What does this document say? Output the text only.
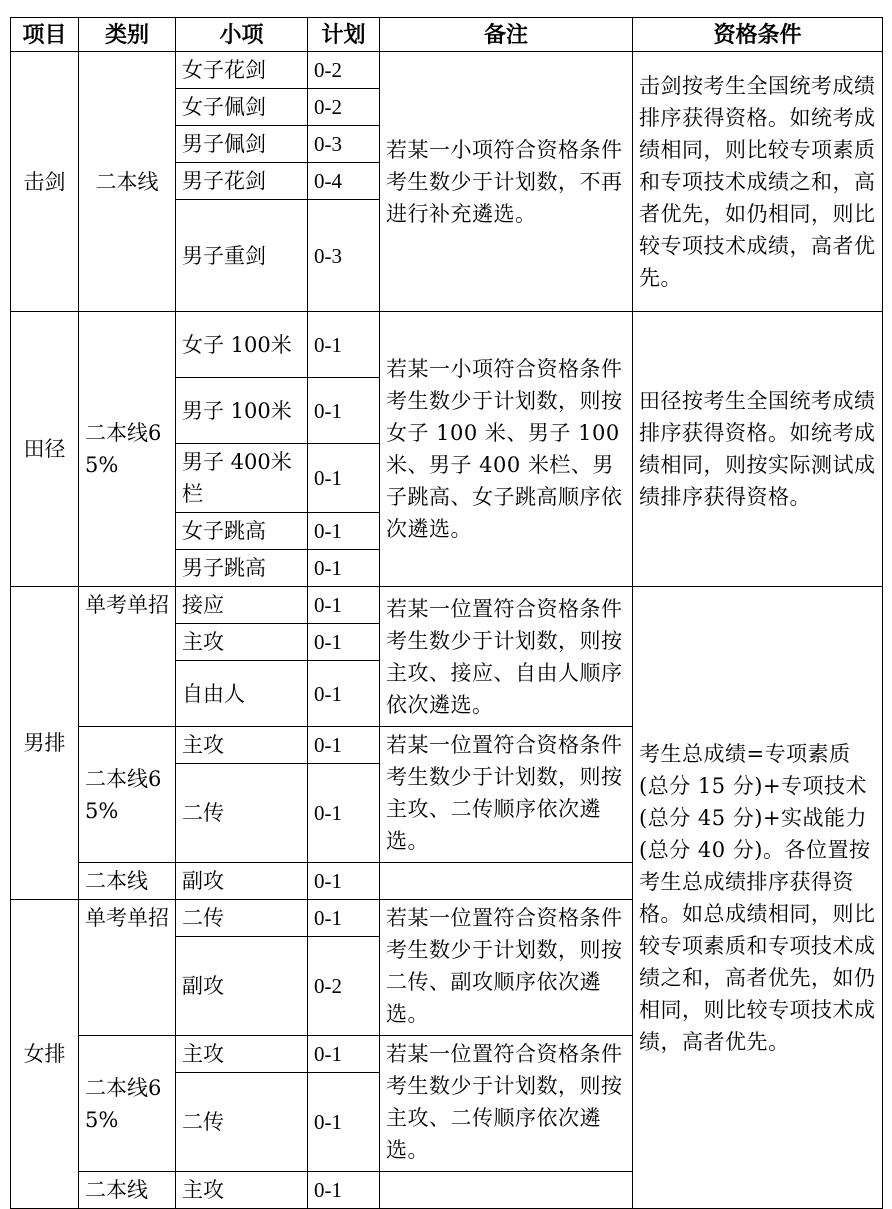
项目	类别	小项	计划	备注	资格条件	
击剑	二本线	女子花剑	0-2	若某一小项符合资格条件考生数少于计划数，不再进行补充遴选。	击剑按考生全国统考成绩排序获得资格。如统考成绩相同，则比较专项素质和专项技术成绩之和，高者优先，如仍相同，则比较专项技术成绩，高者优先。	
		女子佩剑	0-2			
		男子佩剑	0-3			
		男子花剑	0-4			
		男子重剑	0-3			
田径	二本线65%	女子 100米	0-1	若某一小项符合资格条件考生数少于计划数，则按女子 100 米、男子 100 米、男子 400 米栏、男子跳高、女子跳高顺序依次遴选。	田径按考生全国统考成绩排序获得资格。如统考成绩相同，则按实际测试成绩排序获得资格。	
		男子 100米	0-1			
		男子 400米栏	0-1			
		女子跳高	0-1			
		男子跳高	0-1			
男排	单考单招	接应	0-1	若某一位置符合资格条件考生数少于计划数，则按主攻、接应、自由人顺序依次遴选。	考生总成绩=专项素质(总分 15 分)+专项技术(总分 45 分)+实战能力(总分 40 分)。各位置按考生总成绩排序获得资格。如总成绩相同，则比较专项素质和专项技术成绩之和，高者优先，如仍相同，则比较专项技术成绩，高者优先。	
		主攻	0-1			
		自由人	0-1			
	二本线65%	主攻	0-1	若某一位置符合资格条件考生数少于计划数，则按主攻、二传顺序依次遴选。		
		二传	0-1			
	二本线	副攻	0-1			
女排	单考单招	二传	0-1	若某一位置符合资格条件考生数少于计划数，则按二传、副攻顺序依次遴选。		
		副攻	0-2			
	二本线65%	主攻	0-1	若某一位置符合资格条件考生数少于计划数，则按主攻、二传顺序依次遴选。		
		二传	0-1			
	二本线	主攻	0-1			
